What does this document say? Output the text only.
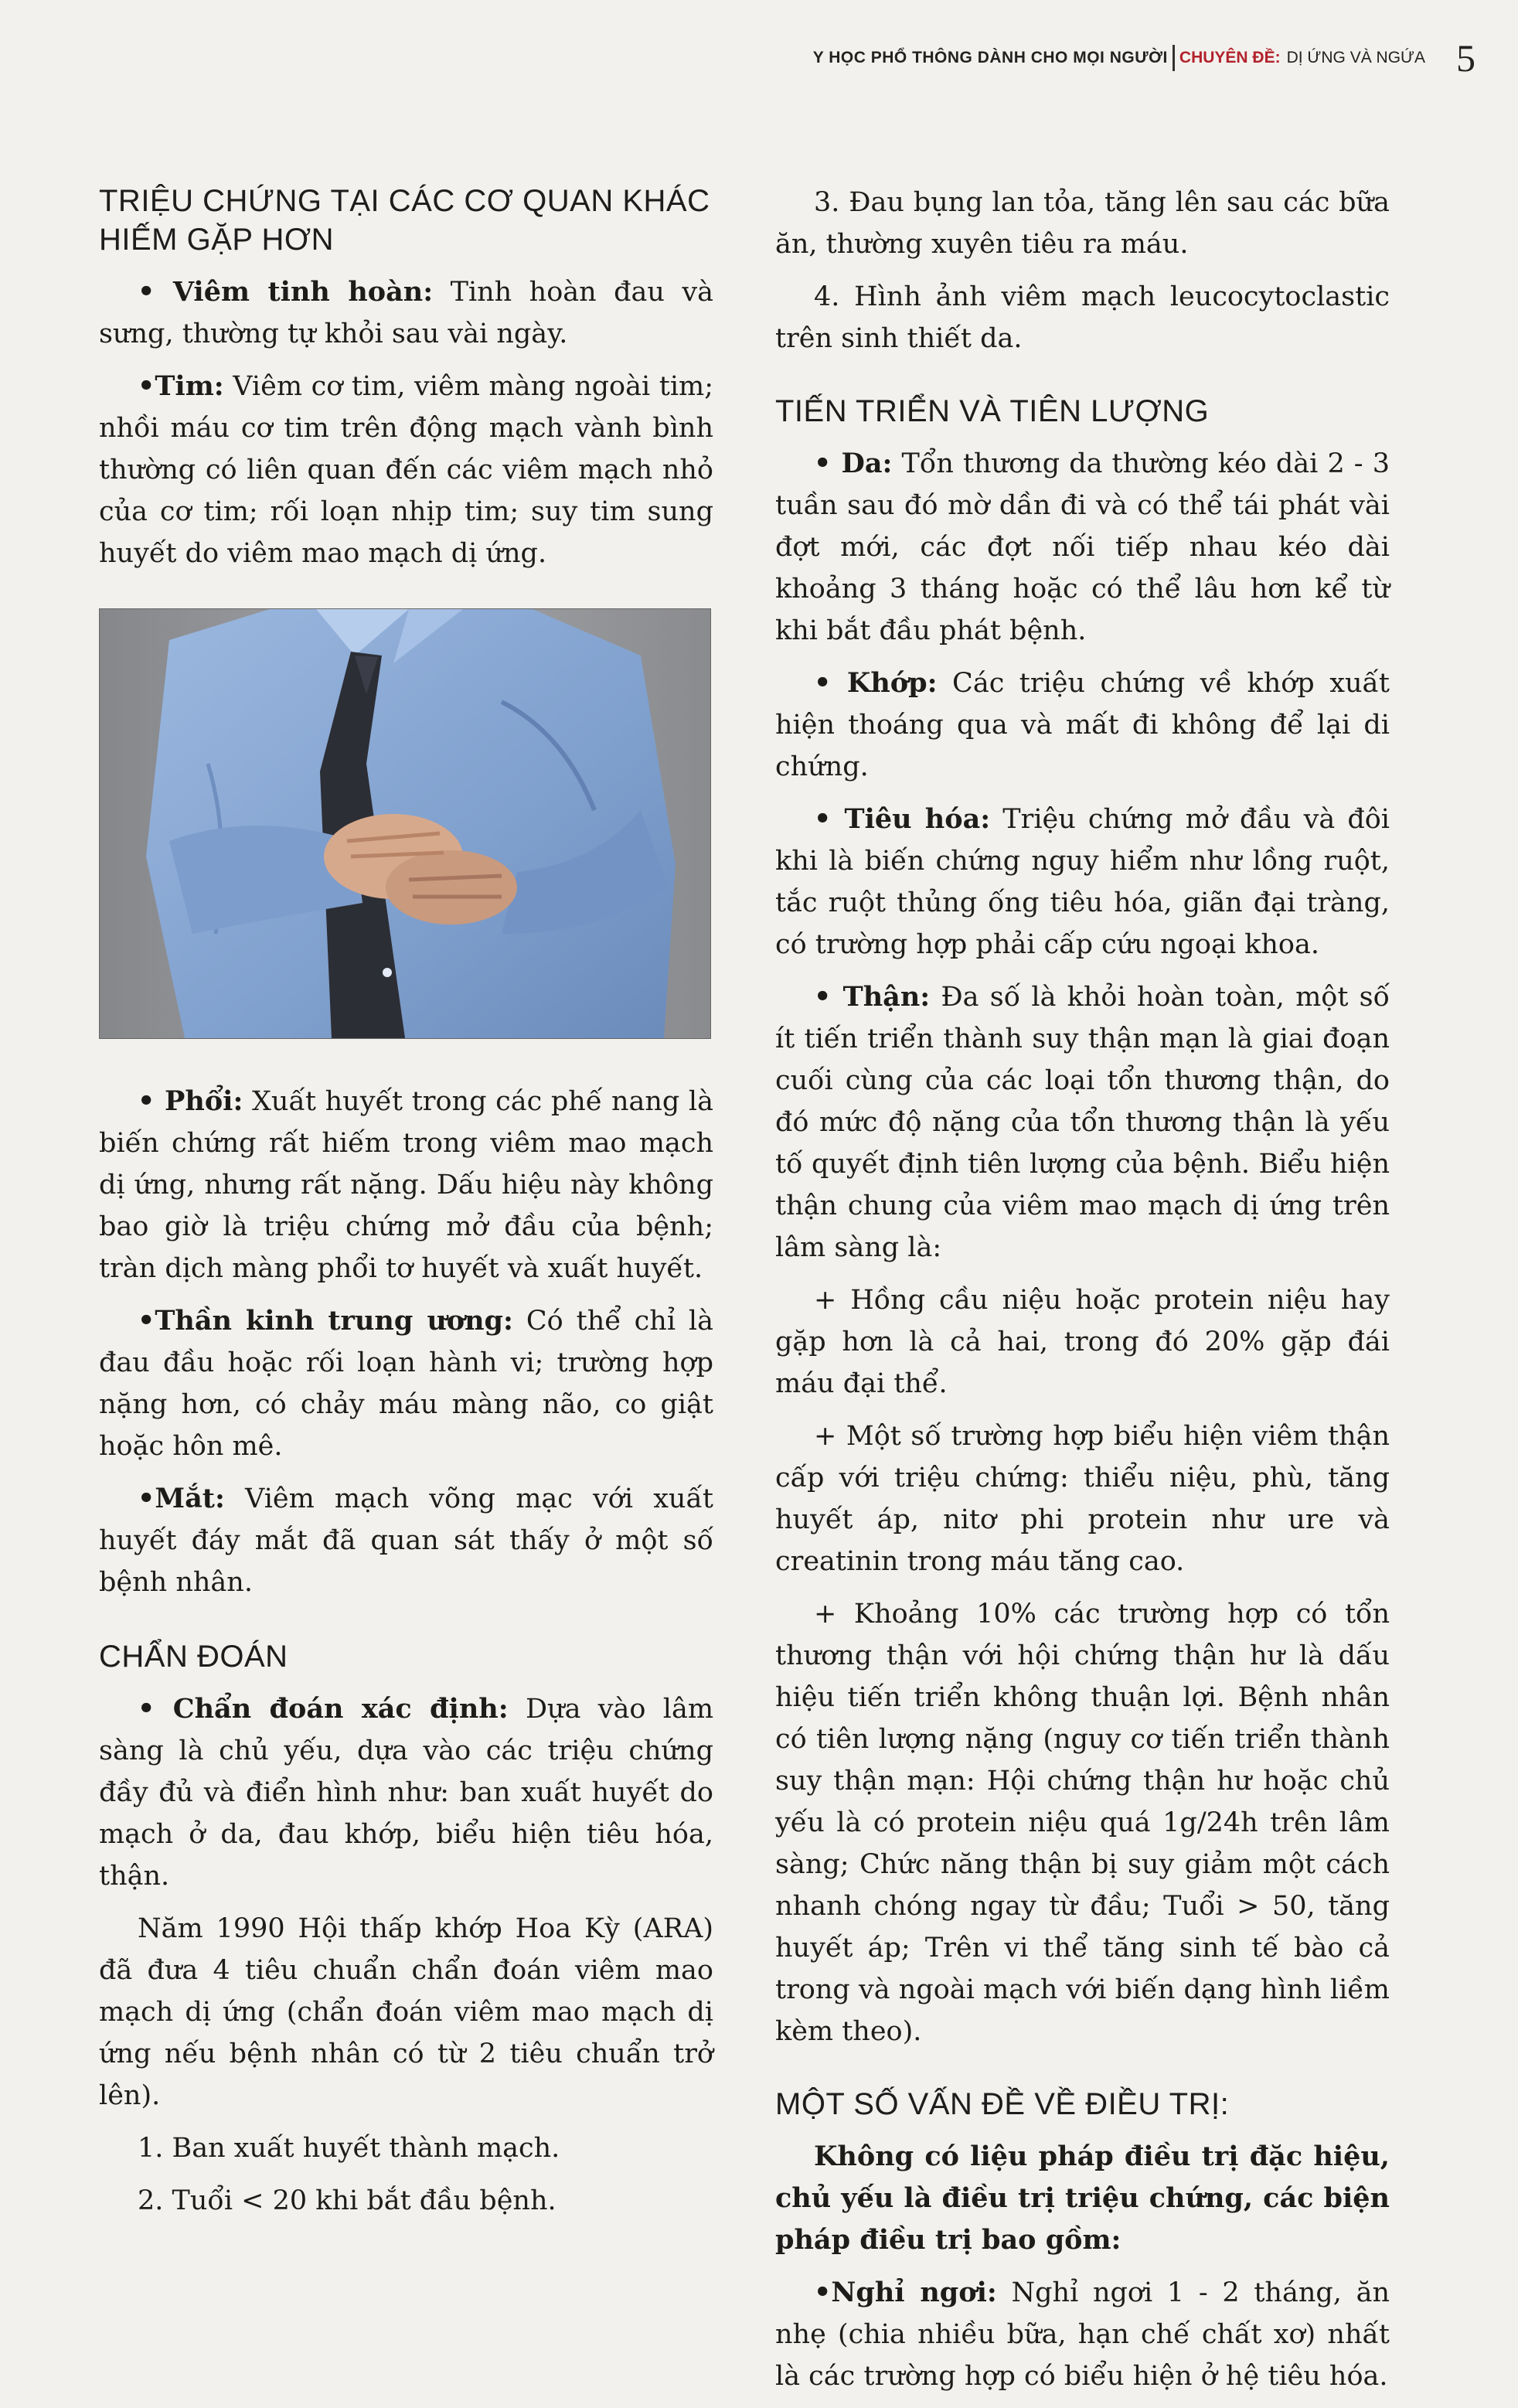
Y HỌC PHỔ THÔNG DÀNH CHO MỌI NGƯỜI CHUYÊN ĐỀ: DỊ ỨNG VÀ NGỨA 5
TRIỆU CHỨNG TẠI CÁC CƠ QUAN KHÁC HIẾM GẶP HƠN

• Viêm tinh hoàn: Tinh hoàn đau và sưng, thường tự khỏi sau vài ngày.

•Tim: Viêm cơ tim, viêm màng ngoài tim; nhồi máu cơ tim trên động mạch vành bình thường có liên quan đến các viêm mạch nhỏ của cơ tim; rối loạn nhịp tim; suy tim sung huyết do viêm mao mạch dị ứng.

• Phổi: Xuất huyết trong các phế nang là biến chứng rất hiếm trong viêm mao mạch dị ứng, nhưng rất nặng. Dấu hiệu này không bao giờ là triệu chứng mở đầu của bệnh; tràn dịch màng phổi tơ huyết và xuất huyết.

•Thần kinh trung ương: Có thể chỉ là đau đầu hoặc rối loạn hành vi; trường hợp nặng hơn, có chảy máu màng não, co giật hoặc hôn mê.

•Mắt: Viêm mạch võng mạc với xuất huyết đáy mắt đã quan sát thấy ở một số bệnh nhân.

CHẨN ĐOÁN

• Chẩn đoán xác định: Dựa vào lâm sàng là chủ yếu, dựa vào các triệu chứng đầy đủ và điển hình như: ban xuất huyết do mạch ở da, đau khớp, biểu hiện tiêu hóa, thận.

Năm 1990 Hội thấp khớp Hoa Kỳ (ARA) đã đưa 4 tiêu chuẩn chẩn đoán viêm mao mạch dị ứng (chẩn đoán viêm mao mạch dị ứng nếu bệnh nhân có từ 2 tiêu chuẩn trở lên).

1. Ban xuất huyết thành mạch.

2. Tuổi < 20 khi bắt đầu bệnh.

3. Đau bụng lan tỏa, tăng lên sau các bữa ăn, thường xuyên tiêu ra máu.

4. Hình ảnh viêm mạch leucocytoclastic trên sinh thiết da.

TIẾN TRIỂN VÀ TIÊN LƯỢNG

• Da: Tổn thương da thường kéo dài 2 - 3 tuần sau đó mờ dần đi và có thể tái phát vài đợt mới, các đợt nối tiếp nhau kéo dài khoảng 3 tháng hoặc có thể lâu hơn kể từ khi bắt đầu phát bệnh.

• Khớp: Các triệu chứng về khớp xuất hiện thoáng qua và mất đi không để lại di chứng.

• Tiêu hóa: Triệu chứng mở đầu và đôi khi là biến chứng nguy hiểm như lồng ruột, tắc ruột thủng ống tiêu hóa, giãn đại tràng, có trường hợp phải cấp cứu ngoại khoa.

• Thận: Đa số là khỏi hoàn toàn, một số ít tiến triển thành suy thận mạn là giai đoạn cuối cùng của các loại tổn thương thận, do đó mức độ nặng của tổn thương thận là yếu tố quyết định tiên lượng của bệnh. Biểu hiện thận chung của viêm mao mạch dị ứng trên lâm sàng là:

+ Hồng cầu niệu hoặc protein niệu hay gặp hơn là cả hai, trong đó 20% gặp đái máu đại thể.

+ Một số trường hợp biểu hiện viêm thận cấp với triệu chứng: thiểu niệu, phù, tăng huyết áp, nitơ phi protein như ure và creatinin trong máu tăng cao.

+ Khoảng 10% các trường hợp có tổn thương thận với hội chứng thận hư là dấu hiệu tiến triển không thuận lợi. Bệnh nhân có tiên lượng nặng (nguy cơ tiến triển thành suy thận mạn: Hội chứng thận hư hoặc chủ yếu là có protein niệu quá 1g/24h trên lâm sàng; Chức năng thận bị suy giảm một cách nhanh chóng ngay từ đầu; Tuổi > 50, tăng huyết áp; Trên vi thể tăng sinh tế bào cả trong và ngoài mạch với biến dạng hình liềm kèm theo).

MỘT SỐ VẤN ĐỀ VỀ ĐIỀU TRỊ:

Không có liệu pháp điều trị đặc hiệu, chủ yếu là điều trị triệu chứng, các biện pháp điều trị bao gồm:

•Nghỉ ngơi: Nghỉ ngơi 1 - 2 tháng, ăn nhẹ (chia nhiều bữa, hạn chế chất xơ) nhất là các trường hợp có biểu hiện ở hệ tiêu hóa.
